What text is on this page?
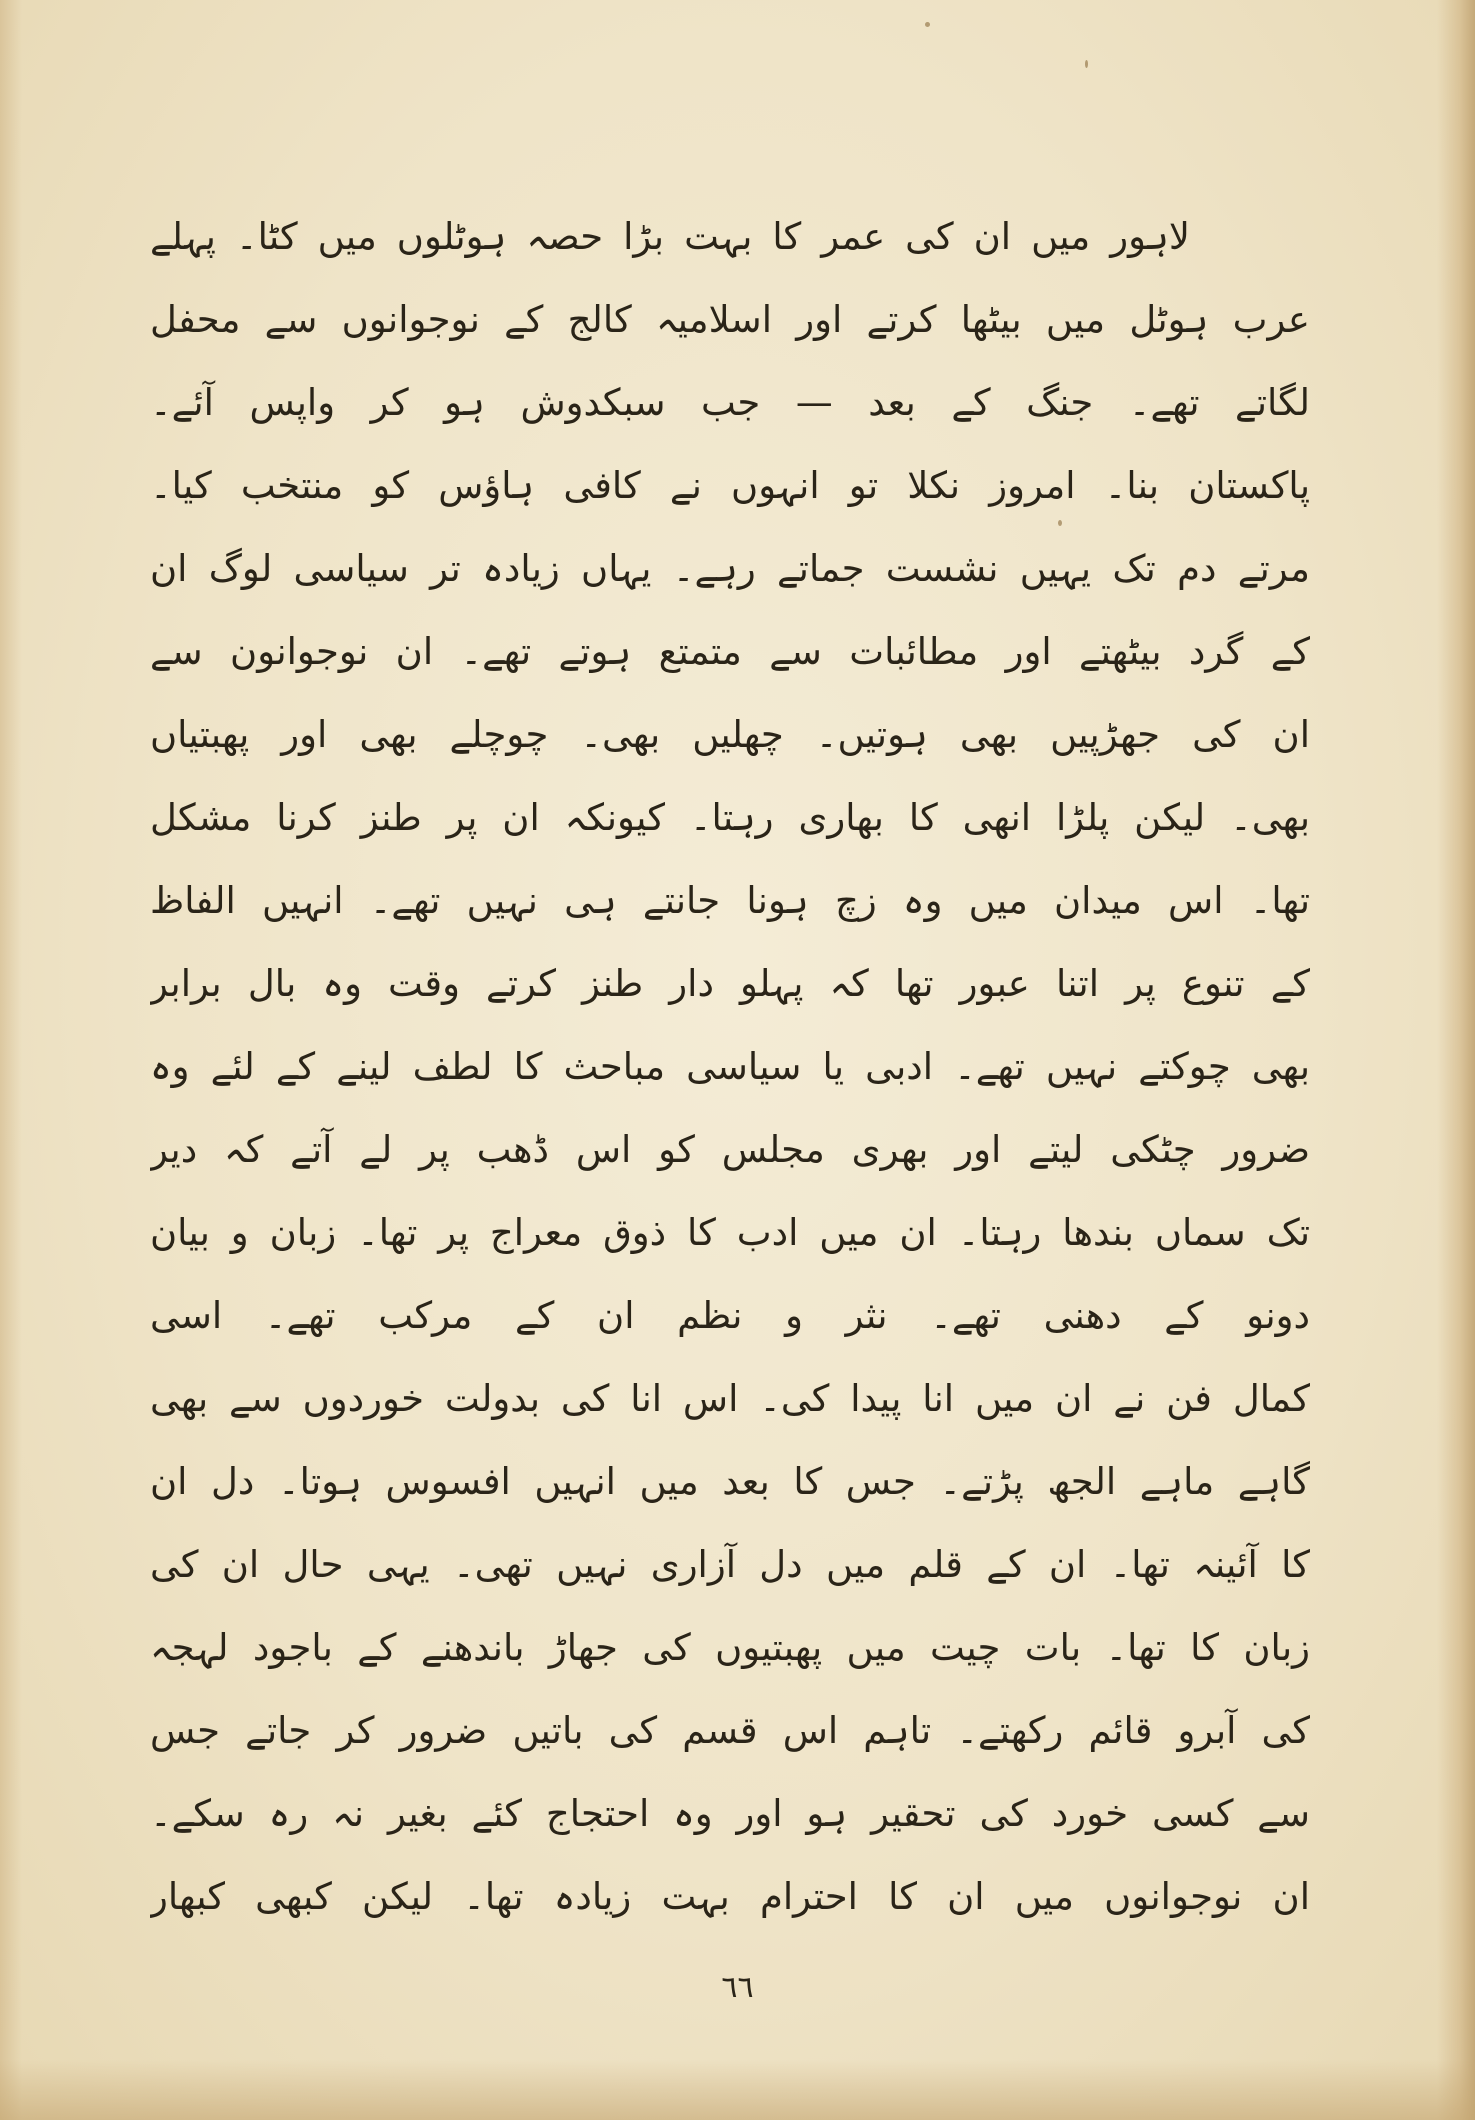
لاہور میں ان کی عمر کا بہت بڑا حصہ ہوٹلوں میں کٹا۔ پہلے
عرب ہوٹل میں بیٹھا کرتے اور اسلامیہ کالج کے نوجوانوں سے محفل
لگاتے تھے۔ جنگ کے بعد — جب سبکدوش ہو کر واپس آئے۔
پاکستان بنا۔ امروز نکلا تو انہوں نے کافی ہاؤس کو منتخب کیا۔
مرتے دم تک یہیں نشست جماتے رہے۔ یہاں زیادہ تر سیاسی لوگ ان
کے گرد بیٹھتے اور مطائبات سے متمتع ہوتے تھے۔ ان نوجوانون سے
ان کی جھڑپیں بھی ہوتیں۔ چھلیں بھی۔ چوچلے بھی اور پھبتیاں
بھی۔ لیکن پلڑا انھی کا بھاری رہتا۔ کیونکہ ان پر طنز کرنا مشکل
تھا۔ اس میدان میں وہ زچ ہونا جانتے ہی نہیں تھے۔ انہیں الفاظ
کے تنوع پر اتنا عبور تھا کہ پہلو دار طنز کرتے وقت وہ بال برابر
بھی چوکتے نہیں تھے۔ ادبی یا سیاسی مباحث کا لطف لینے کے لئے وہ
ضرور چٹکی لیتے اور بھری مجلس کو اس ڈھب پر لے آتے کہ دیر
تک سماں بندھا رہتا۔ ان میں ادب کا ذوق معراج پر تھا۔ زبان و بیان
دونو کے دھنی تھے۔ نثر و نظم ان کے مرکب تھے۔ اسی
کمال فن نے ان میں انا پیدا کی۔ اس انا کی بدولت خوردوں سے بھی
گاہے ماہے الجھ پڑتے۔ جس کا بعد میں انہیں افسوس ہوتا۔ دل ان
کا آئینہ تھا۔ ان کے قلم میں دل آزاری نہیں تھی۔ یہی حال ان کی
زبان کا تھا۔ بات چیت میں پھبتیوں کی جھاڑ باندھنے کے باجود لہجہ
کی آبرو قائم رکھتے۔ تاہم اس قسم کی باتیں ضرور کر جاتے جس
سے کسی خورد کی تحقیر ہو اور وہ احتجاج کئے بغیر نہ رہ سکے۔
ان نوجوانوں میں ان کا احترام بہت زیادہ تھا۔ لیکن کبھی کبھار
٦٦
